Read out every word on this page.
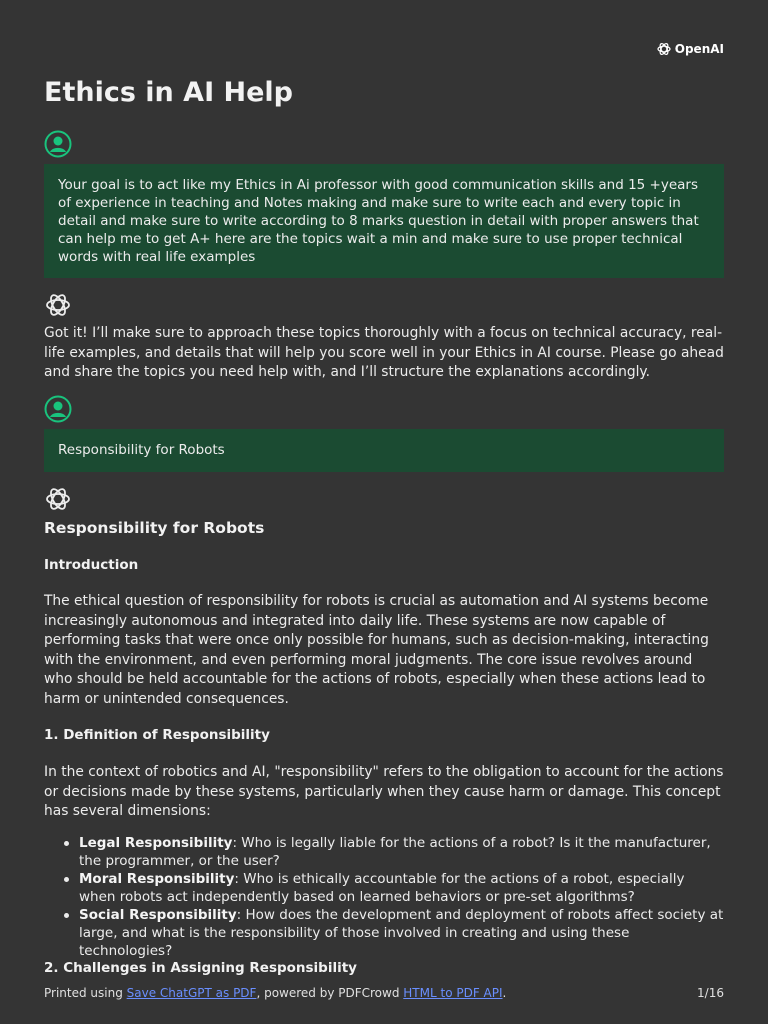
OpenAI
Ethics in AI Help
Your goal is to act like my Ethics in Ai professor with good communication skills and 15 +years of experience in teaching and Notes making and make sure to write each and every topic in detail and make sure to write according to 8 marks question in detail with proper answers that can help me to get A+ here are the topics wait a min and make sure to use proper technical words with real life examples
Got it! I’ll make sure to approach these topics thoroughly with a focus on technical accuracy, real-life examples, and details that will help you score well in your Ethics in AI course. Please go ahead and share the topics you need help with, and I’ll structure the explanations accordingly.
Responsibility for Robots
Responsibility for Robots
Introduction
The ethical question of responsibility for robots is crucial as automation and AI systems become increasingly autonomous and integrated into daily life. These systems are now capable of performing tasks that were once only possible for humans, such as decision-making, interacting with the environment, and even performing moral judgments. The core issue revolves around who should be held accountable for the actions of robots, especially when these actions lead to harm or unintended consequences.
1. Definition of Responsibility
In the context of robotics and AI, "responsibility" refers to the obligation to account for the actions or decisions made by these systems, particularly when they cause harm or damage. This concept has several dimensions:
Legal Responsibility: Who is legally liable for the actions of a robot? Is it the manufacturer, the programmer, or the user?
Moral Responsibility: Who is ethically accountable for the actions of a robot, especially when robots act independently based on learned behaviors or pre-set algorithms?
Social Responsibility: How does the development and deployment of robots affect society at large, and what is the responsibility of those involved in creating and using these technologies?
2. Challenges in Assigning Responsibility
Printed using Save ChatGPT as PDF, powered by PDFCrowd HTML to PDF API.	1/16
